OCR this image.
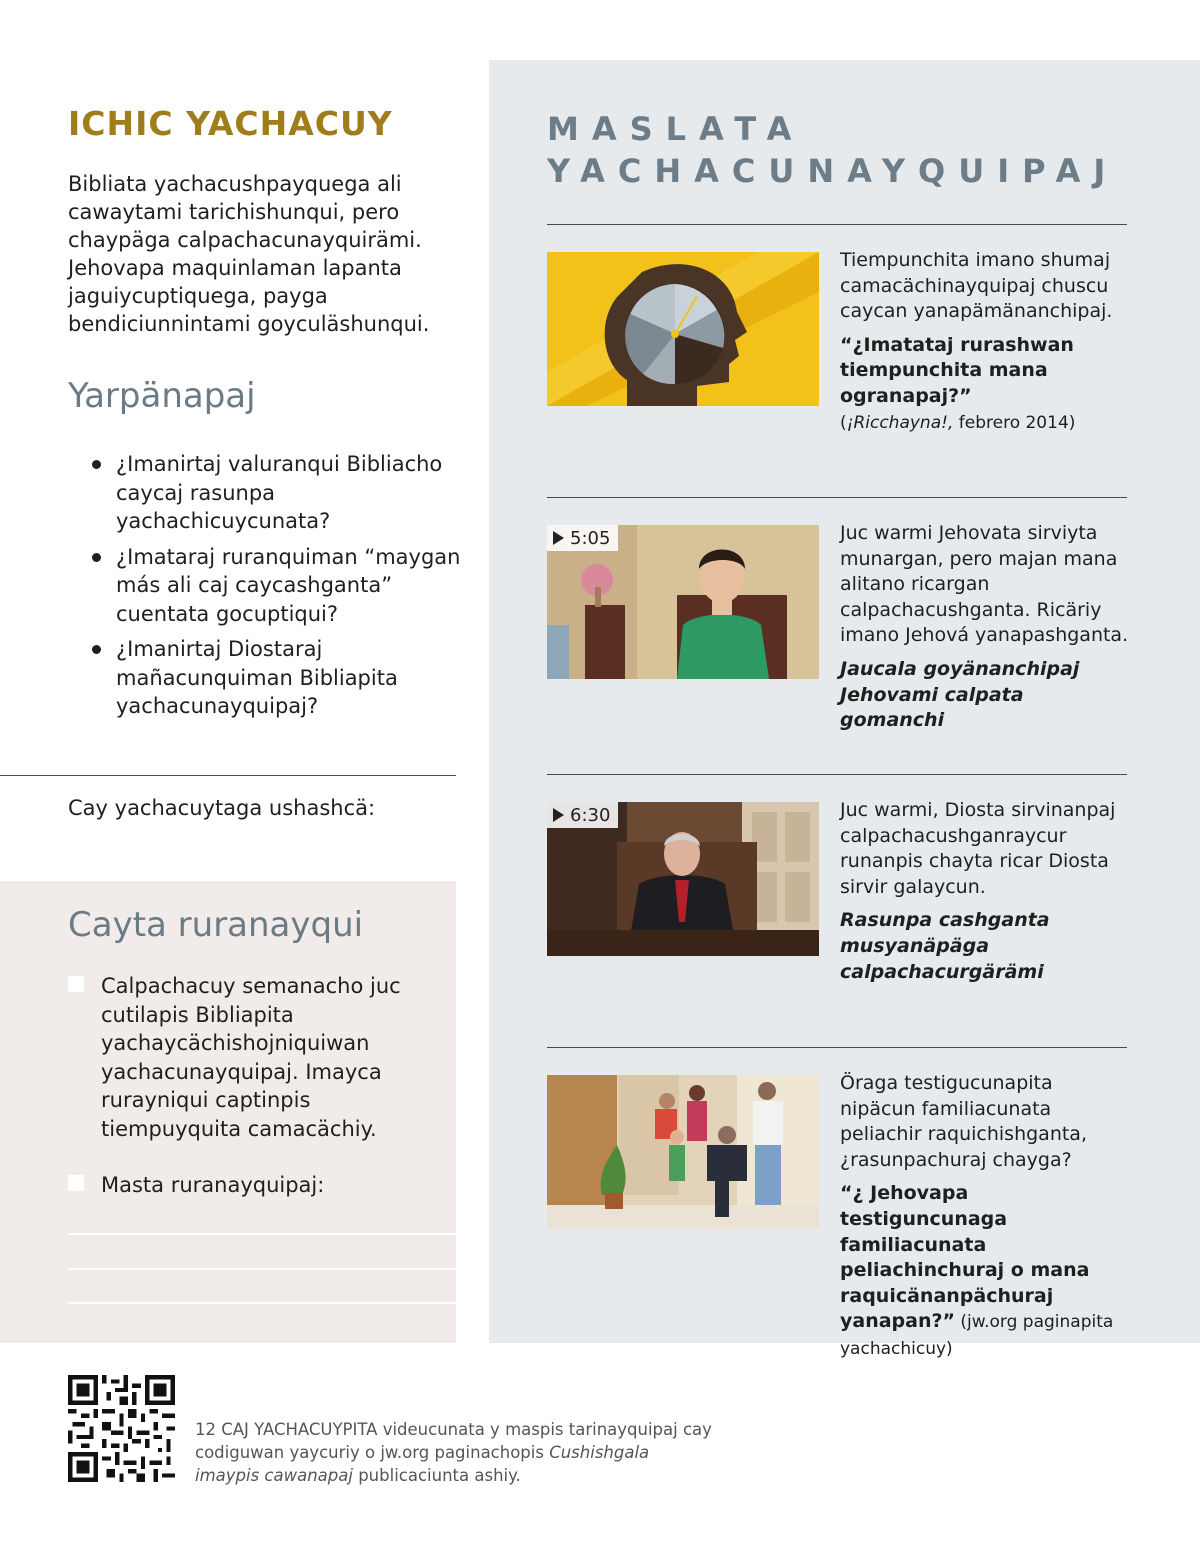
ICHIC YACHACUY
Bibliata yachacushpayquega ali cawaytami tarichishunqui, pero chaypäga calpachacunayquirämi. Jehovapa maquinlaman lapanta jaguiycuptiquega, payga bendiciunnintami goyculäshunqui.
Yarpänapaj
¿Imanirtaj valuranqui Bibliacho caycaj rasunpa yachachicuycunata?
¿Imataraj ruranquiman “maygan más ali caj caycashganta” cuentata gocuptiqui?
¿Imanirtaj Diostaraj mañacunquiman Bibliapita yachacunayquipaj?
Cay yachacuytaga ushashcä:
Cayta ruranayqui
Calpachacuy semanacho juc cutilapis Bibliapita yachaycächishojniquiwan yachacunayquipaj. Imayca rurayniqui captinpis tiempuyquita camacächiy.
Masta ruranayquipaj:
MASLATA
YACHACUNAYQUIPAJ
Tiempunchita imano shumaj camacächinayquipaj chuscu caycan yanapämänanchipaj.
“¿Imatataj rurashwan tiempunchita mana ogranapaj?”
(¡Ricchayna!, febrero 2014)
5:05	Juc warmi Jehovata sirviyta munargan, pero majan mana alitano ricargan calpachacushganta. Ricäriy imano Jehová yanapashganta.
Jaucala goyänanchipaj Jehovami calpata gomanchi
6:30	Juc warmi, Diosta sirvinanpaj calpachacushganraycur runanpis chayta ricar Diosta sirvir galaycun.
Rasunpa cashganta musyanäpäga calpachacurgärämi
Öraga testigucunapita nipäcun familiacunata peliachir raquichishganta, ¿rasunpachuraj chayga?
“¿ Jehovapa testiguncunaga familiacunata peliachinchuraj o mana raquicänanpächuraj yanapan?” (jw.org paginapita yachachicuy)
12 CAJ YACHACUYPITA videucunata y maspis tarinayquipaj cay codiguwan yaycuriy o jw.org paginachopis Cushishgala imaypis cawanapaj publicaciunta ashiy.
